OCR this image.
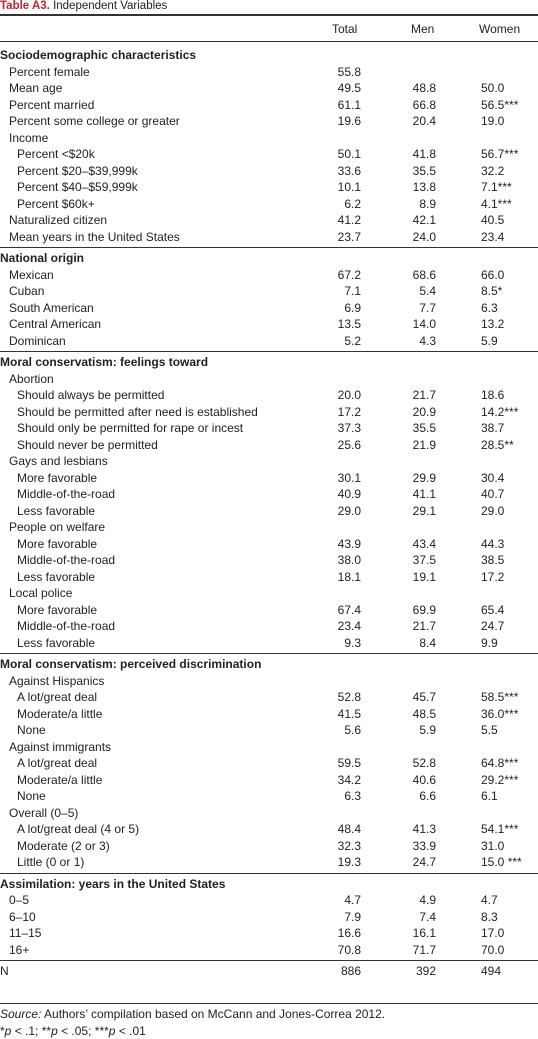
Table A3. Independent Variables
Total	Men	Women
Sociodemographic characteristics
Percent female	55.8
Mean age	49.5	48.8	50.0
Percent married	61.1	66.8	56.5***
Percent some college or greater	19.6	20.4	19.0
Income
Percent <$20k	50.1	41.8	56.7***
Percent $20–$39,999k	33.6	35.5	32.2
Percent $40–$59,999k	10.1	13.8	7.1***
Percent $60k+	6.2	8.9	4.1***
Naturalized citizen	41.2	42.1	40.5
Mean years in the United States	23.7	24.0	23.4
National origin
Mexican	67.2	68.6	66.0
Cuban	7.1	5.4	8.5*
South American	6.9	7.7	6.3
Central American	13.5	14.0	13.2
Dominican	5.2	4.3	5.9
Moral conservatism: feelings toward
Abortion
Should always be permitted	20.0	21.7	18.6
Should be permitted after need is established	17.2	20.9	14.2***
Should only be permitted for rape or incest	37.3	35.5	38.7
Should never be permitted	25.6	21.9	28.5**
Gays and lesbians
More favorable	30.1	29.9	30.4
Middle-of-the-road	40.9	41.1	40.7
Less favorable	29.0	29.1	29.0
People on welfare
More favorable	43.9	43.4	44.3
Middle-of-the-road	38.0	37.5	38.5
Less favorable	18.1	19.1	17.2
Local police
More favorable	67.4	69.9	65.4
Middle-of-the-road	23.4	21.7	24.7
Less favorable	9.3	8.4	9.9
Moral conservatism: perceived discrimination
Against Hispanics
A lot/great deal	52.8	45.7	58.5***
Moderate/a little	41.5	48.5	36.0***
None	5.6	5.9	5.5
Against immigrants
A lot/great deal	59.5	52.8	64.8***
Moderate/a little	34.2	40.6	29.2***
None	6.3	6.6	6.1
Overall (0–5)
A lot/great deal (4 or 5)	48.4	41.3	54.1***
Moderate (2 or 3)	32.3	33.9	31.0
Little (0 or 1)	19.3	24.7	15.0 ***
Assimilation: years in the United States
0–5	4.7	4.9	4.7
6–10	7.9	7.4	8.3
11–15	16.6	16.1	17.0
16+	70.8	71.7	70.0
N	886	392	494
Source: Authors’ compilation based on McCann and Jones-Correa 2012.
*p < .1; **p < .05; ***p < .01
